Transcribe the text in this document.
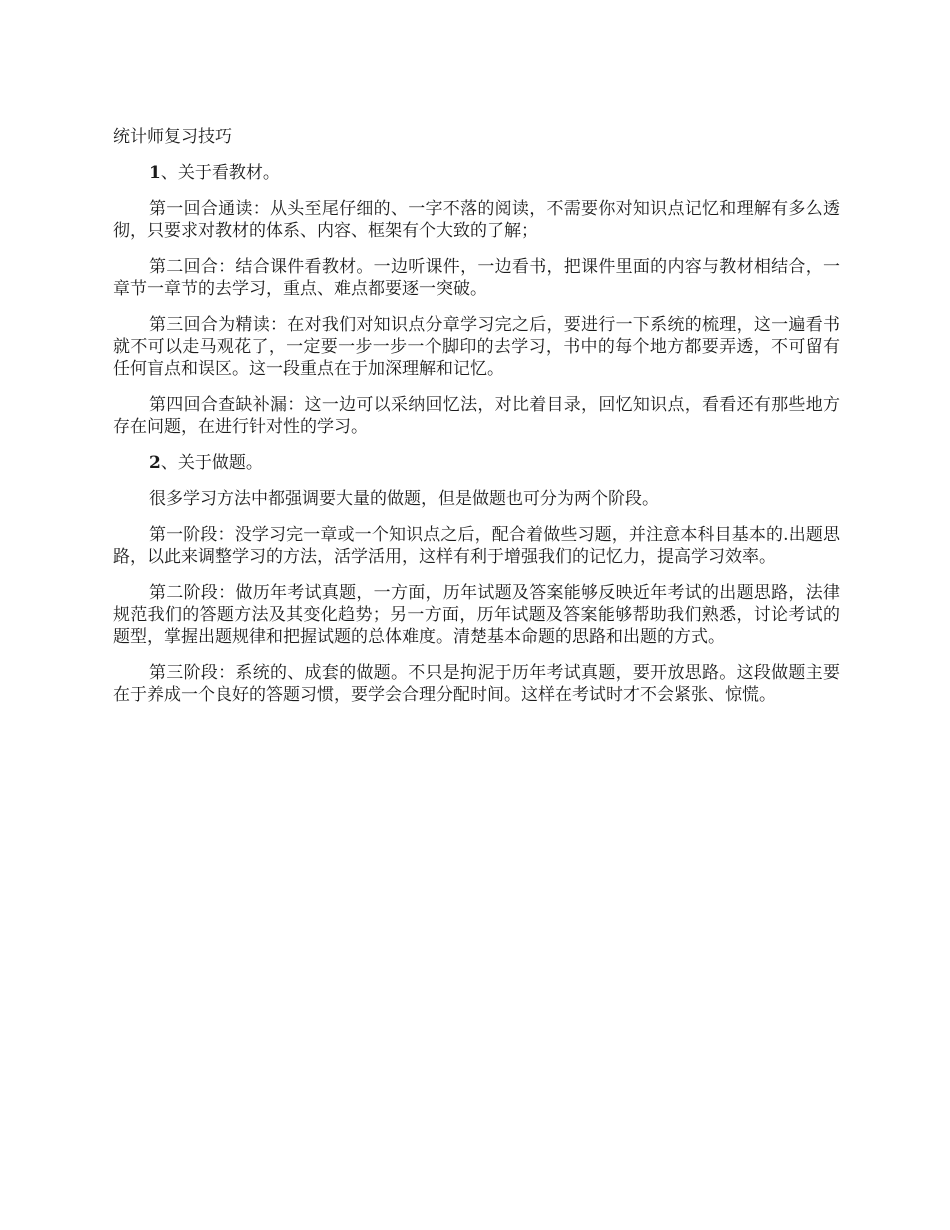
统计师复习技巧

1、关于看教材。

第一回合通读：从头至尾仔细的、一字不落的阅读，不需要你对知识点记忆和理解有多么透彻，只要求对教材的体系、内容、框架有个大致的了解；

第二回合：结合课件看教材。一边听课件，一边看书，把课件里面的内容与教材相结合，一章节一章节的去学习，重点、难点都要逐一突破。

第三回合为精读：在对我们对知识点分章学习完之后，要进行一下系统的梳理，这一遍看书就不可以走马观花了，一定要一步一步一个脚印的去学习，书中的每个地方都要弄透，不可留有任何盲点和误区。这一段重点在于加深理解和记忆。

第四回合查缺补漏：这一边可以采纳回忆法，对比着目录，回忆知识点，看看还有那些地方存在问题，在进行针对性的学习。

2、关于做题。

很多学习方法中都强调要大量的做题，但是做题也可分为两个阶段。

第一阶段：没学习完一章或一个知识点之后，配合着做些习题，并注意本科目基本的.出题思路，以此来调整学习的方法，活学活用，这样有利于增强我们的记忆力，提高学习效率。

第二阶段：做历年考试真题，一方面，历年试题及答案能够反映近年考试的出题思路，法律规范我们的答题方法及其变化趋势；另一方面，历年试题及答案能够帮助我们熟悉，讨论考试的题型，掌握出题规律和把握试题的总体难度。清楚基本命题的思路和出题的方式。

第三阶段：系统的、成套的做题。不只是拘泥于历年考试真题，要开放思路。这段做题主要在于养成一个良好的答题习惯，要学会合理分配时间。这样在考试时才不会紧张、惊慌。
